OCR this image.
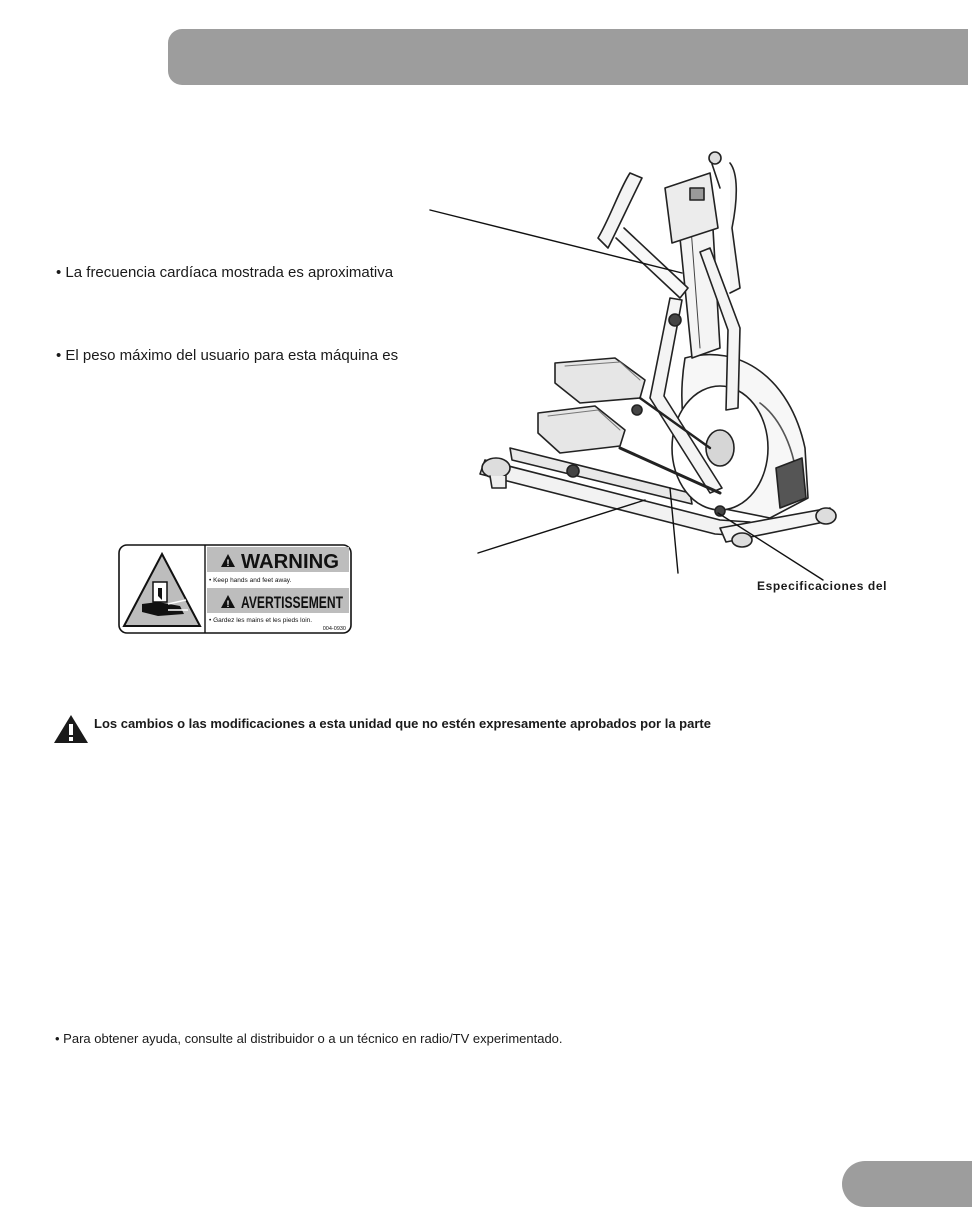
• La frecuencia cardíaca mostrada es aproximativa
• El peso máximo del usuario para esta máquina es
! WARNING
• Keep hands and feet away.
! AVERTISSEMENT
• Gardez les mains et les pieds loin.
004-0930
Especificaciones del
Los cambios o las modificaciones a esta unidad que no estén expresamente aprobados por la parte
• Para obtener ayuda, consulte al distribuidor o a un técnico en radio/TV experimentado.
